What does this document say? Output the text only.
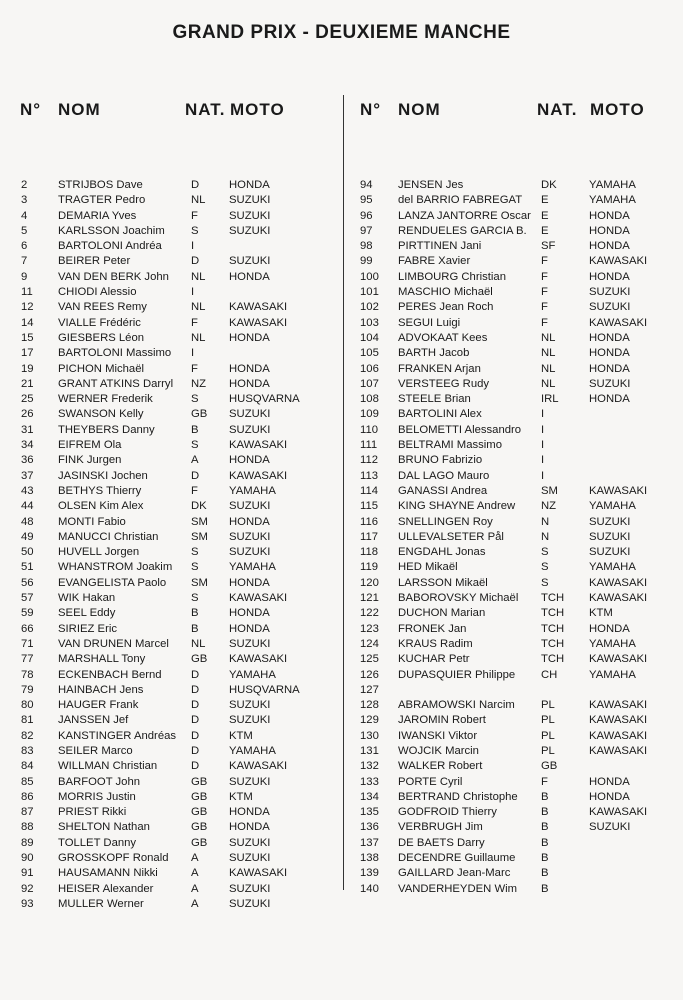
GRAND PRIX - DEUXIEME MANCHE
N° NOM	NAT. MOTO	N° NOM	NAT. MOTO
2	STRIJBOS Dave	D	HONDA
3	TRAGTER Pedro	NL SUZUKI
4	DEMARIA Yves	F	SUZUKI
5	KARLSSON Joachim S	SUZUKI
6	BARTOLONI Andréa	I
7	BEIRER Peter	D	SUZUKI
9	VAN DEN BERK John NL HONDA
11 CHIODI Alessio	I
12 VAN REES Remy	NL KAWASAKI
14 VIALLE Frédéric	F	KAWASAKI
15 GIESBERS Léon	NL HONDA
17 BARTOLONI Massimo I
19 PICHON Michaël	F	HONDA
21 GRANT ATKINS Darryl NZ HONDA
25 WERNER Frederik	S	HUSQVARNA
26 SWANSON Kelly	GB SUZUKI
31 THEYBERS Danny	B	SUZUKI
34 EIFREM Ola	S	KAWASAKI
36 FINK Jurgen	A	HONDA
37 JASINSKI Jochen	D	KAWASAKI
43 BETHYS Thierry	F	YAMAHA
44 OLSEN Kim Alex	DK SUZUKI
48 MONTI Fabio	SM HONDA
49 MANUCCI Christian	SM SUZUKI
50 HUVELL Jorgen	S	SUZUKI
51 WHANSTROM Joakim S	YAMAHA
56 EVANGELISTA Paolo SM HONDA
57 WIK Hakan	S	KAWASAKI
59 SEEL Eddy	B	HONDA
66 SIRIEZ Eric	B	HONDA
71 VAN DRUNEN Marcel NL SUZUKI
77 MARSHALL Tony	GB KAWASAKI
78 ECKENBACH Bernd	D	YAMAHA
79 HAINBACH Jens	D	HUSQVARNA
80 HAUGER Frank	D	SUZUKI
81 JANSSEN Jef	D	SUZUKI
82 KANSTINGER Andréas D	KTM
83 SEILER Marco	D	YAMAHA
84 WILLMAN Christian	D	KAWASAKI
85 BARFOOT John	GB SUZUKI
86 MORRIS Justin	GB KTM
87 PRIEST Rikki	GB HONDA
88 SHELTON Nathan	GB HONDA
89 TOLLET Danny	GB SUZUKI
90 GROSSKOPF Ronald A	SUZUKI
91 HAUSAMANN Nikki	A	KAWASAKI
92 HEISER Alexander	A	SUZUKI
93 MULLER Werner	A	SUZUKI
94 JENSEN Jes	DK	YAMAHA
95 del BARRIO FABREGAT E	YAMAHA
96 LANZA JANTORRE Oscar E	HONDA
97 RENDUELES GARCIA B. E	HONDA
98 PIRTTINEN Jani	SF	HONDA
99 FABRE Xavier	F	KAWASAKI
100 LIMBOURG Christian	F	HONDA
101 MASCHIO Michaël	F	SUZUKI
102 PERES Jean Roch	F	SUZUKI
103 SEGUI Luigi	F	KAWASAKI
104 ADVOKAAT Kees	NL	HONDA
105 BARTH Jacob	NL	HONDA
106 FRANKEN Arjan	NL	HONDA
107 VERSTEEG Rudy	NL	SUZUKI
108 STEELE Brian	IRL	HONDA
109 BARTOLINI Alex	I
110 BELOMETTI Alessandro I
111 BELTRAMI Massimo	I
112 BRUNO Fabrizio	I
113 DAL LAGO Mauro	I
114 GANASSI Andrea	SM	KAWASAKI
115 KING SHAYNE Andrew NZ	YAMAHA
116 SNELLINGEN Roy	N	SUZUKI
117 ULLEVALSETER Pål	N	SUZUKI
118 ENGDAHL Jonas	S	SUZUKI
119 HED Mikaël	S	YAMAHA
120 LARSSON Mikaël	S	KAWASAKI
121 BABOROVSKY Michaël TCH KAWASAKI
122 DUCHON Marian	TCH KTM
123 FRONEK Jan	TCH HONDA
124 KRAUS Radim	TCH YAMAHA
125 KUCHAR Petr	TCH KAWASAKI
126 DUPASQUIER Philippe CH	YAMAHA
127
128 ABRAMOWSKI Narcim PL	KAWASAKI
129 JAROMIN Robert	PL	KAWASAKI
130 IWANSKI Viktor	PL	KAWASAKI
131 WOJCIK Marcin	PL	KAWASAKI
132 WALKER Robert	GB
133 PORTE Cyril	F	HONDA
134 BERTRAND Christophe B	HONDA
135 GODFROID Thierry	B	KAWASAKI
136 VERBRUGH Jim	B	SUZUKI
137 DE BAETS Darry	B
138 DECENDRE Guillaume B
139 GAILLARD Jean-Marc	B
140 VANDERHEYDEN Wim B
